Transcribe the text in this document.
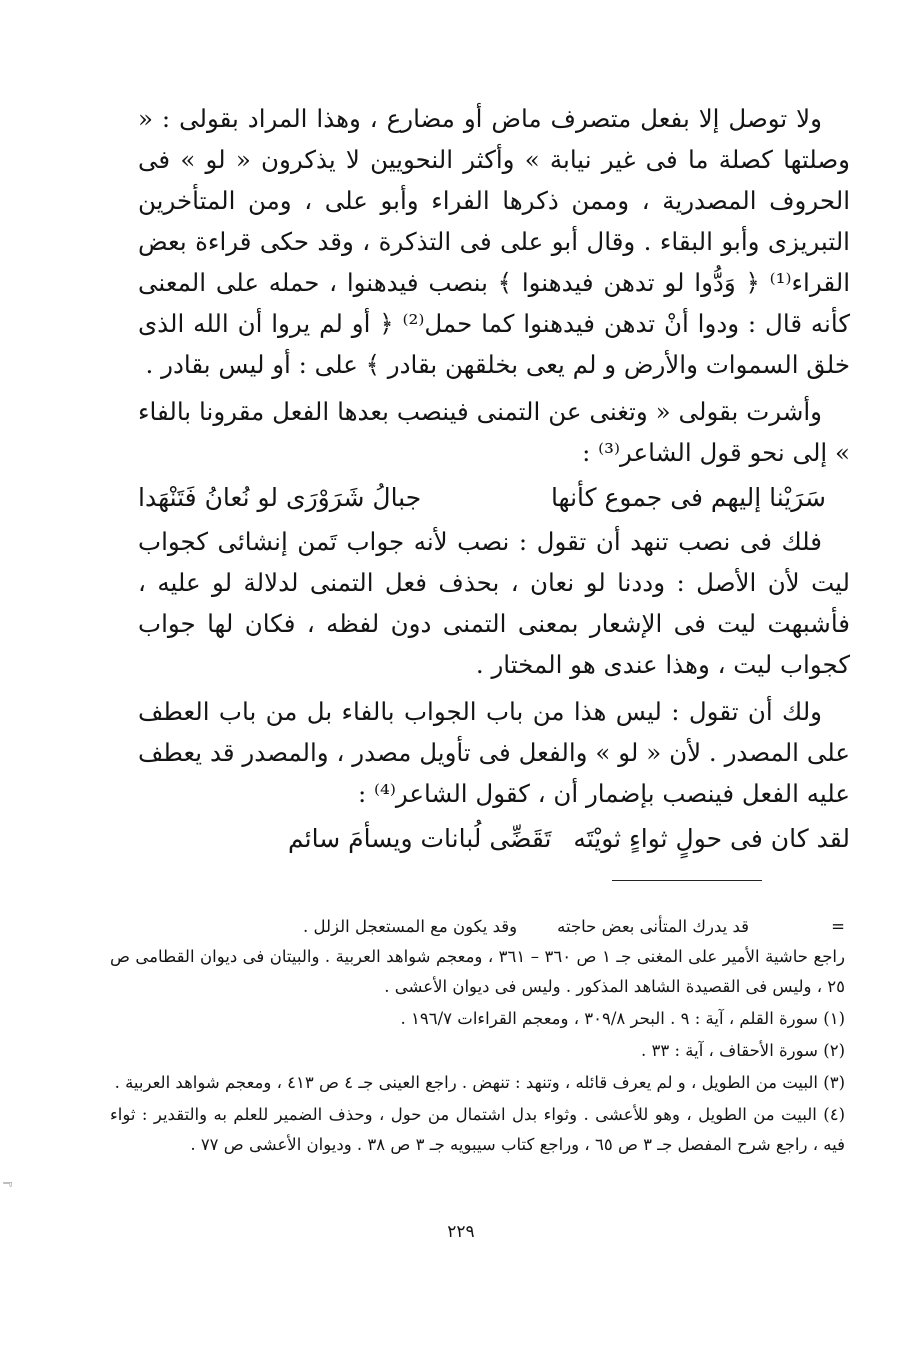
ولا توصل إلا بفعل متصرف ماض أو مضارع ، وهذا المراد بقولى : « وصلتها كصلة ما فى غير نيابة » وأكثر النحويين لا يذكرون « لو » فى الحروف المصدرية ، وممن ذكرها الفراء وأبو على ، ومن المتأخرين التبريزى وأبو البقاء . وقال أبو على فى التذكرة ، وقد حكى قراءة بعض القراء⁽¹⁾ ﴿ وَدُّوا لو تدهن فيدهنوا ﴾ بنصب فيدهنوا ، حمله على المعنى كأنه قال : ودوا أنْ تدهن فيدهنوا كما حمل⁽²⁾ ﴿ أو لم يروا أن الله الذى خلق السموات والأرض و لم يعى بخلقهن بقادر ﴾ على : أو ليس بقادر .

وأشرت بقولى « وتغنى عن التمنى فينصب بعدها الفعل مقرونا بالفاء » إلى نحو قول الشاعر⁽³⁾ :

سَرَيْنا إليهم فى جموع كأنها
جبالُ شَرَوْرَى لو نُعانُ فَتَنْهَدا

فلك فى نصب تنهد أن تقول : نصب لأنه جواب تَمن إنشائى كجواب ليت لأن الأصل : وددنا لو نعان ، بحذف فعل التمنى لدلالة لو عليه ، فأشبهت ليت فى الإشعار بمعنى التمنى دون لفظه ، فكان لها جواب كجواب ليت ، وهذا عندى هو المختار .

ولك أن تقول : ليس هذا من باب الجواب بالفاء بل من باب العطف على المصدر . لأن « لو » والفعل فى تأويل مصدر ، والمصدر قد يعطف عليه الفعل فينصب بإضمار أن ، كقول الشاعر⁽⁴⁾ :

لقد كان فى حولٍ ثواءٍ ثويْتَه
تَقَضِّى لُبانات ويسأمَ سائم
=
قد يدرك المتأنى بعض حاجته
وقد يكون مع المستعجل الزلل .

راجع حاشية الأمير على المغنى جـ ١ ص ٣٦٠ – ٣٦١ ، ومعجم شواهد العربية . والبيتان فى ديوان القطامى ص ٢٥ ، وليس فى القصيدة الشاهد المذكور . وليس فى ديوان الأعشى .

(١) سورة القلم ، آية : ٩ . البحر ٣٠٩/٨ ، ومعجم القراءات ١٩٦/٧ .

(٢) سورة الأحقاف ، آية : ٣٣ .

(٣) البيت من الطويل ، و لم يعرف قائله ، وتنهد : تنهض . راجع العينى جـ ٤ ص ٤١٣ ، ومعجم شواهد العربية .

(٤) البيت من الطويل ، وهو للأعشى . وثواء بدل اشتمال من حول ، وحذف الضمير للعلم به والتقدير : ثواء فيه ، راجع شرح المفصل جـ ٣ ص ٦٥ ، وراجع كتاب سيبويه جـ ٣ ص ٣٨ . وديوان الأعشى ص ٧٧ .

٢٢٩
﹃
